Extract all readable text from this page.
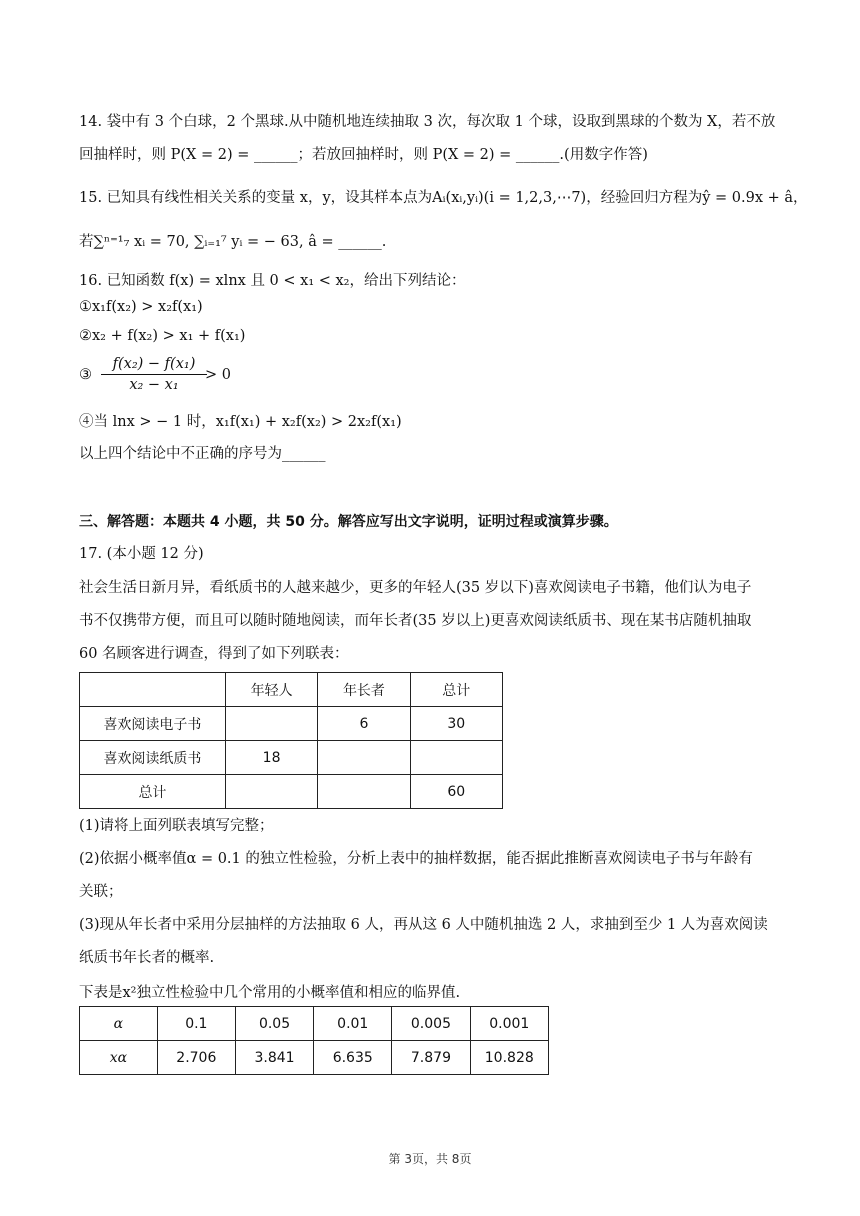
14. 袋中有 3 个白球，2 个黑球.从中随机地连续抽取 3 次，每次取 1 个球，设取到黑球的个数为 X，若不放
回抽样时，则 P(X = 2) = ______；若放回抽样时，则 P(X = 2) = ______.(用数字作答)
15. 已知具有线性相关关系的变量 x，y，设其样本点为Aᵢ(xᵢ,yᵢ)(i = 1,2,3,⋯7)，经验回归方程为ŷ = 0.9x + â，
若∑ⁿ⁼¹₇ xᵢ = 70, ∑ᵢ₌₁⁷ yᵢ = − 63, â = ______.
16. 已知函数 f(x) = xlnx 且 0 < x₁ < x₂，给出下列结论：
①x₁f(x₂) > x₂f(x₁)
②x₂ + f(x₂) > x₁ + f(x₁)
③ $\frac{\text{f(x₂) − f(x₁)}}{\text{x₂ − x₁}}$
> 0
④当 lnx > − 1 时，x₁f(x₁) + x₂f(x₂) > 2x₂f(x₁)
以上四个结论中不正确的序号为______
三、解答题：本题共 4 小题，共 50 分。解答应写出文字说明，证明过程或演算步骤。
17. (本小题 12 分)
社会生活日新月异，看纸质书的人越来越少，更多的年轻人(35 岁以下)喜欢阅读电子书籍，他们认为电子
书不仅携带方便，而且可以随时随地阅读，而年长者(35 岁以上)更喜欢阅读纸质书、现在某书店随机抽取
60 名顾客进行调查，得到了如下列联表：
	年轻人	年长者	总计
喜欢阅读电子书		6	30
喜欢阅读纸质书	18		
总计			60
(1)请将上面列联表填写完整；
(2)依据小概率值α = 0.1 的独立性检验，分析上表中的抽样数据，能否据此推断喜欢阅读电子书与年龄有
关联；
(3)现从年长者中采用分层抽样的方法抽取 6 人，再从这 6 人中随机抽选 2 人，求抽到至少 1 人为喜欢阅读
纸质书年长者的概率.
下表是x²独立性检验中几个常用的小概率值和相应的临界值.
α	0.1	0.05	0.01	0.005	0.001
xα	2.706	3.841	6.635	7.879	10.828
第 3页，共 8页
